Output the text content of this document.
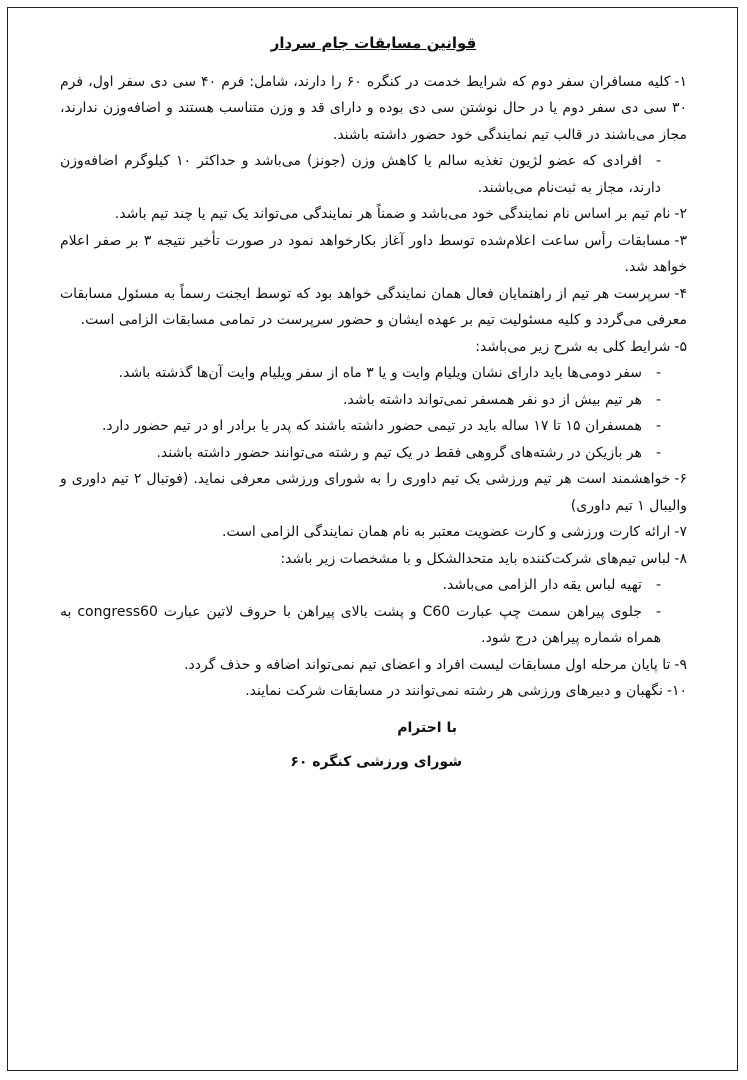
قوانین مسابقات جام سردار

۱-کلیه مسافران سفر دوم که شرایط خدمت در کنگره ۶۰ را دارند، شامل: فرم ۴۰ سی دی سفر اول، فرم ۳۰ سی دی سفر دوم یا در حال نوشتن سی دی بوده و دارای قد و وزن متناسب هستند و اضافه‌وزن ندارند، مجاز می‌باشند در قالب تیم نمایندگی خود حضور داشته باشند.

-افرادی که عضو لژیون تغذیه سالم یا کاهش وزن (جونز) می‌باشد و حداکثر ۱۰ کیلوگرم اضافه‌وزن دارند، مجاز به ثبت‌نام می‌باشند.

۲-نام تیم بر اساس نام نمایندگی خود می‌باشد و ضمناً هر نمایندگی می‌تواند یک تیم یا چند تیم باشد.

۳-مسابقات رأس ساعت اعلام‌شده توسط داور آغاز بکارخواهد نمود در صورت تأخیر نتیجه ۳ بر صفر اعلام خواهد شد.

۴-سرپرست هر تیم از راهنمایان فعال همان نمایندگی خواهد بود که توسط ایجنت رسماً به مسئول مسابقات معرفی می‌گردد و کلیه مسئولیت تیم بر عهده ایشان و حضور سرپرست در تمامی مسابقات الزامی است.

۵-شرایط کلی به شرح زیر می‌باشد:

-سفر دومی‌ها باید دارای نشان ویلیام وایت و یا ۳ ماه از سفر ویلیام وایت آن‌ها گذشته باشد.

-هر تیم بیش از دو نفر همسفر نمی‌تواند داشته باشد.

-همسفران ۱۵ تا ۱۷ ساله باید در تیمی حضور داشته باشند که پدر یا برادر او در تیم حضور دارد.

-هر بازیکن در رشته‌های گروهی فقط در یک تیم و رشته می‌توانند حضور داشته باشند.

۶-خواهشمند است هر تیم ورزشی یک تیم داوری را به شورای ورزشی معرفی نماید. (فوتبال ۲ تیم داوری و والیبال ۱ تیم داوری)

۷-ارائه کارت ورزشی و کارت عضویت معتبر به نام همان نمایندگی الزامی است.

۸-لباس تیم‌های شرکت‌کننده باید متحدالشکل و با مشخصات زیر باشد:

-تهیه لباس یقه دار الزامی می‌باشد.

-جلوی پیراهن سمت چپ عبارت C60 و پشت بالای پیراهن با حروف لاتین عبارت congress60 به همراه شماره پیراهن درج شود.

۹-تا پایان مرحله اول مسابقات لیست افراد و اعضای تیم نمی‌تواند اضافه و حذف گردد.

۱۰-نگهبان و دبیرهای ورزشی هر رشته نمی‌توانند در مسابقات شرکت نمایند.

با احترام
شورای ورزشی کنگره ۶۰
